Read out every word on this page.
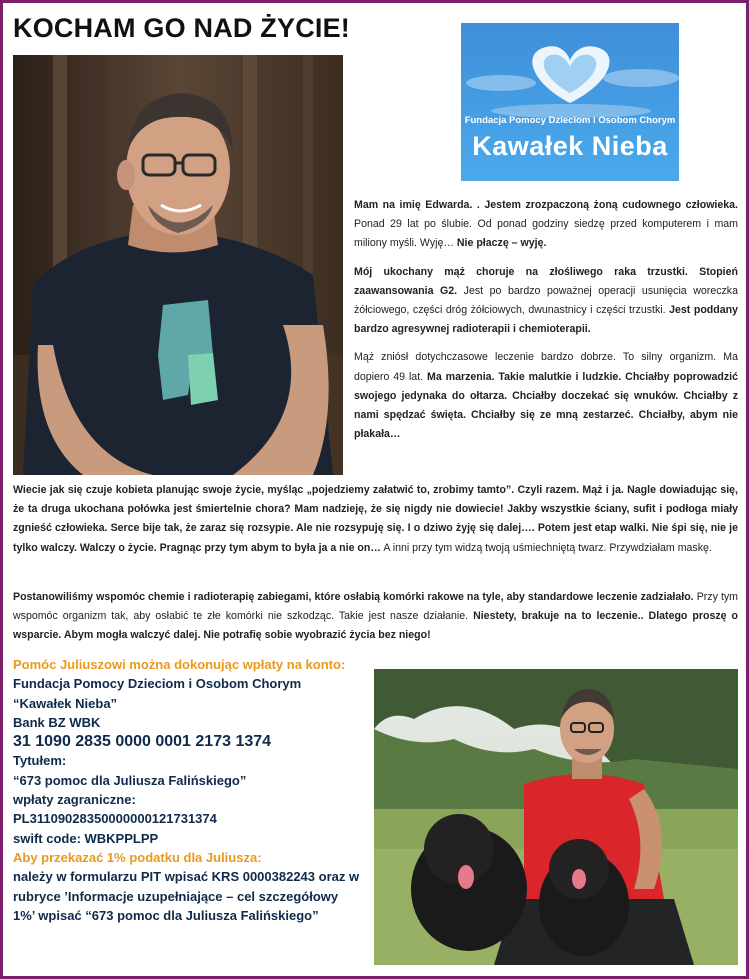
KOCHAM GO NAD ŻYCIE!
Fundacja Pomocy Dzieciom i Osobom Chorym
Kawałek Nieba

Mam na imię Edwarda. . Jestem zrozpaczoną żoną cudownego człowieka. Ponad 29 lat po ślubie. Od ponad godziny siedzę przed komputerem i mam miliony myśli. Wyję… Nie płaczę – wyję.

Mój ukochany mąż choruje na złośliwego raka trzustki. Stopień zaawansowania G2. Jest po bardzo poważnej operacji usunięcia woreczka żółciowego, części dróg żółciowych, dwunastnicy i części trzustki. Jest poddany bardzo agresywnej radioterapii i chemioterapii.

Mąż zniósł dotychczasowe leczenie bardzo dobrze. To silny organizm. Ma dopiero 49 lat. Ma marzenia. Takie malutkie i ludzkie. Chciałby poprowadzić swojego jedynaka do ołtarza. Chciałby doczekać się wnuków. Chciałby z nami spędzać święta. Chciałby się ze mną zestarzeć. Chciałby, abym nie płakała…

Wiecie jak się czuje kobieta planując swoje życie, myśląc „pojedziemy załatwić to, zrobimy tamto”. Czyli razem. Mąż i ja. Nagle dowiadując się, że ta druga ukochana połówka jest śmiertelnie chora? Mam nadzieję, że się nigdy nie dowiecie! Jakby wszystkie ściany, sufit i podłoga miały zgnieść człowieka. Serce bije tak, że zaraz się rozsypie. Ale nie rozsypuję się. I o dziwo żyję się dalej…. Potem jest etap walki. Nie śpi się, nie je tylko walczy. Walczy o życie. Pragnąc przy tym abym to była ja a nie on… A inni przy tym widzą twoją uśmiechniętą twarz. Przywdziałam maskę.

Postanowiliśmy wspomóc chemie i radioterapię zabiegami, które osłabią komórki rakowe na tyle, aby standardowe leczenie zadziałało. Przy tym wspomóc organizm tak, aby osłabić te złe komórki nie szkodząc. Takie jest nasze działanie. Niestety, brakuje na to leczenie.. Dlatego proszę o wsparcie. Abym mogła walczyć dalej. Nie potrafię sobie wyobrazić życia bez niego!

Pomóc Juliuszowi można dokonując wpłaty na konto:
Fundacja Pomocy Dzieciom i Osobom Chorym
“Kawałek Nieba”
Bank BZ WBK
31 1090 2835 0000 0001 2173 1374
Tytułem:
“673 pomoc dla Juliusza Falińskiego”
wpłaty zagraniczne:
PL31109028350000000121731374
swift code: WBKPPLPP
Aby przekazać 1% podatku dla Juliusza:
należy w formularzu PIT wpisać KRS 0000382243 oraz w rubryce ’Informacje uzupełniające – cel szczegółowy 1%’ wpisać “673 pomoc dla Juliusza Falińskiego”
